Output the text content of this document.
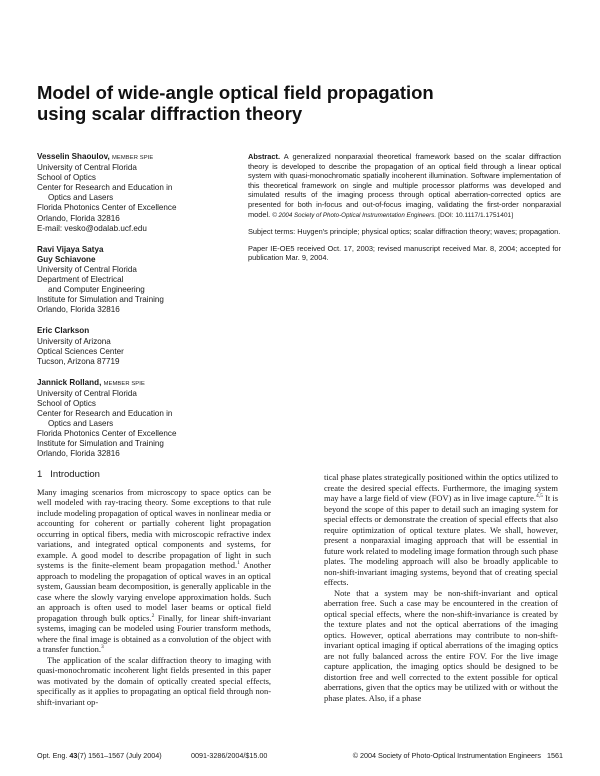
Model of wide-angle optical field propagation
using scalar diffraction theory
Vesselin Shaoulov, MEMBER SPIE
University of Central Florida
School of Optics
Center for Research and Education in
Optics and Lasers
Florida Photonics Center of Excellence
Orlando, Florida 32816
E-mail: vesko@odalab.ucf.edu
Ravi Vijaya Satya
Guy Schiavone
University of Central Florida
Department of Electrical
and Computer Engineering
Institute for Simulation and Training
Orlando, Florida 32816
Eric Clarkson
University of Arizona
Optical Sciences Center
Tucson, Arizona 87719
Jannick Rolland, MEMBER SPIE
University of Central Florida
School of Optics
Center for Research and Education in
Optics and Lasers
Florida Photonics Center of Excellence
Institute for Simulation and Training
Orlando, Florida 32816

Abstract. A generalized nonparaxial theoretical framework based on the scalar diffraction theory is developed to describe the propagation of an optical field through a linear optical system with quasi-monochromatic spatially incoherent illumination. Software implementation of this theoretical framework on single and multiple processor platforms was developed and simulated results of the imaging process through optical aberration-corrected optics are presented for both in-focus and out-of-focus imaging, validating the first-order nonparaxial model. © 2004 Society of Photo-Optical Instrumentation Engineers. [DOI: 10.1117/1.1751401]

Subject terms: Huygen's principle; physical optics; scalar diffraction theory; waves; propagation.

Paper IE-OE5 received Oct. 17, 2003; revised manuscript received Mar. 8, 2004; accepted for publication Mar. 9, 2004.

1 Introduction

Many imaging scenarios from microscopy to space optics can be well modeled with ray-tracing theory. Some exceptions to that rule include modeling propagation of optical waves in nonlinear media or accounting for coherent or partially coherent light propagation occurring in optical fibers, media with microscopic refractive index variations, and integrated optical components and systems, for example. A good model to describe propagation of light in such systems is the finite-element beam propagation method.$^1$ Another approach to modeling the propagation of optical waves in an optical system, Gaussian beam decomposition, is generally applicable in the case where the slowly varying envelope approximation holds. Such an approach is often used to model laser beams or optical field propagation through bulk optics.$^2$ Finally, for linear shift-invariant systems, imaging can be modeled using Fourier transform methods, where the final image is obtained as a convolution of the object with a transfer function.$^3$

The application of the scalar diffraction theory to imaging with quasi-monochromatic incoherent light fields presented in this paper was motivated by the domain of optically created special effects, specifically as it applies to propagating an optical field through non-shift-invariant op-

tical phase plates strategically positioned within the optics utilized to create the desired special effects. Furthermore, the imaging system may have a large field of view (FOV) as in live image capture.$^{4,5}$ It is beyond the scope of this paper to detail such an imaging system for special effects or demonstrate the creation of special effects that also require optimization of optical texture plates. We shall, however, present a nonparaxial imaging approach that will be essential in future work related to modeling image formation through such phase plates. The modeling approach will also be broadly applicable to non-shift-invariant imaging systems, beyond that of creating special effects.

Note that a system may be non-shift-invariant and optical aberration free. Such a case may be encountered in the creation of optical special effects, where the non-shift-invariance is created by the texture plates and not the optical aberrations of the imaging optics. However, optical aberrations may contribute to non-shift-invariant optical imaging if optical aberrations of the imaging optics are not fully balanced across the entire FOV. For the live image capture application, the imaging optics should be designed to be distortion free and well corrected to the extent possible for optical aberrations, given that the optics may be utilized with or without the phase plates. Also, if a phase

Opt. Eng. 43(7) 1561–1567 (July 2004)	0091-3286/2004/$15.00	© 2004 Society of Photo-Optical Instrumentation Engineers 1561
